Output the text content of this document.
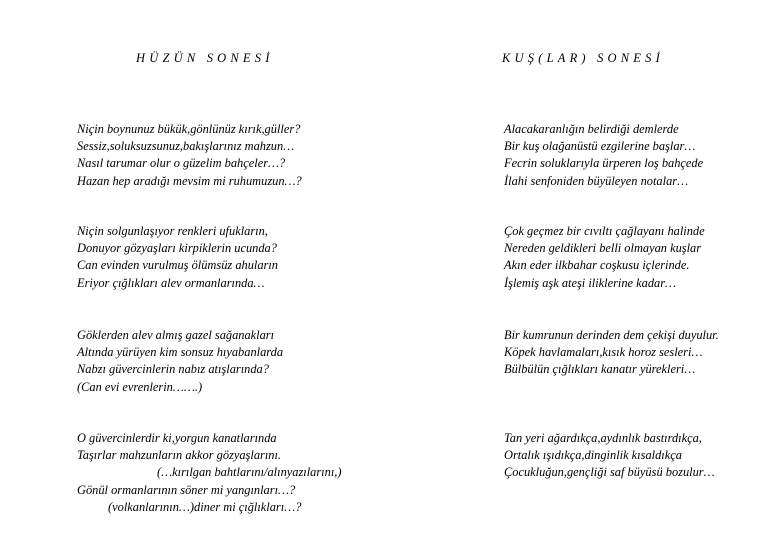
HÜZÜN SONESİ
Niçin boynunuz bükük,gönlünüz kırık,güller?
Sessiz,soluksuzsunuz,bakışlarınız mahzun…
Nasıl tarumar olur o güzelim bahçeler…?
Hazan hep aradığı mevsim mi ruhumuzun…?
Niçin solgunlaşıyor renkleri ufukların,
Donuyor gözyaşları kirpiklerin ucunda?
Can evinden vurulmuş ölümsüz ahuların
Eriyor çığlıkları alev ormanlarında…
Göklerden alev almış gazel sağanakları
Altında yürüyen kim sonsuz hıyabanlarda
Nabzı güvercinlerin nabız atışlarında?
(Can evi evrenlerin…….)
O güvercinlerdir ki,yorgun kanatlarında
Taşırlar mahzunların akkor gözyaşlarını.
(…kırılgan bahtlarını/alınyazılarını,)
Gönül ormanlarının söner mi yangınları…?
(volkanlarının…)diner mi çığlıkları…?
KUŞ(LAR) SONESİ
Alacakaranlığın belirdiği demlerde
Bir kuş olağanüstü ezgilerine başlar…
Fecrin soluklarıyla ürperen loş bahçede
İlahi senfoniden büyüleyen notalar…
Çok geçmez bir cıvıltı çağlayanı halinde
Nereden geldikleri belli olmayan kuşlar
Akın eder ilkbahar coşkusu içlerinde.
İşlemiş aşk ateşi iliklerine kadar…
Bir kumrunun derinden dem çekişi duyulur.
Köpek havlamaları,kısık horoz sesleri…
Bülbülün çığlıkları kanatır yürekleri…
Tan yeri ağardıkça,aydınlık bastırdıkça,
Ortalık ışıdıkça,dinginlik kısaldıkça
Çocukluğun,gençliği saf büyüsü bozulur…
